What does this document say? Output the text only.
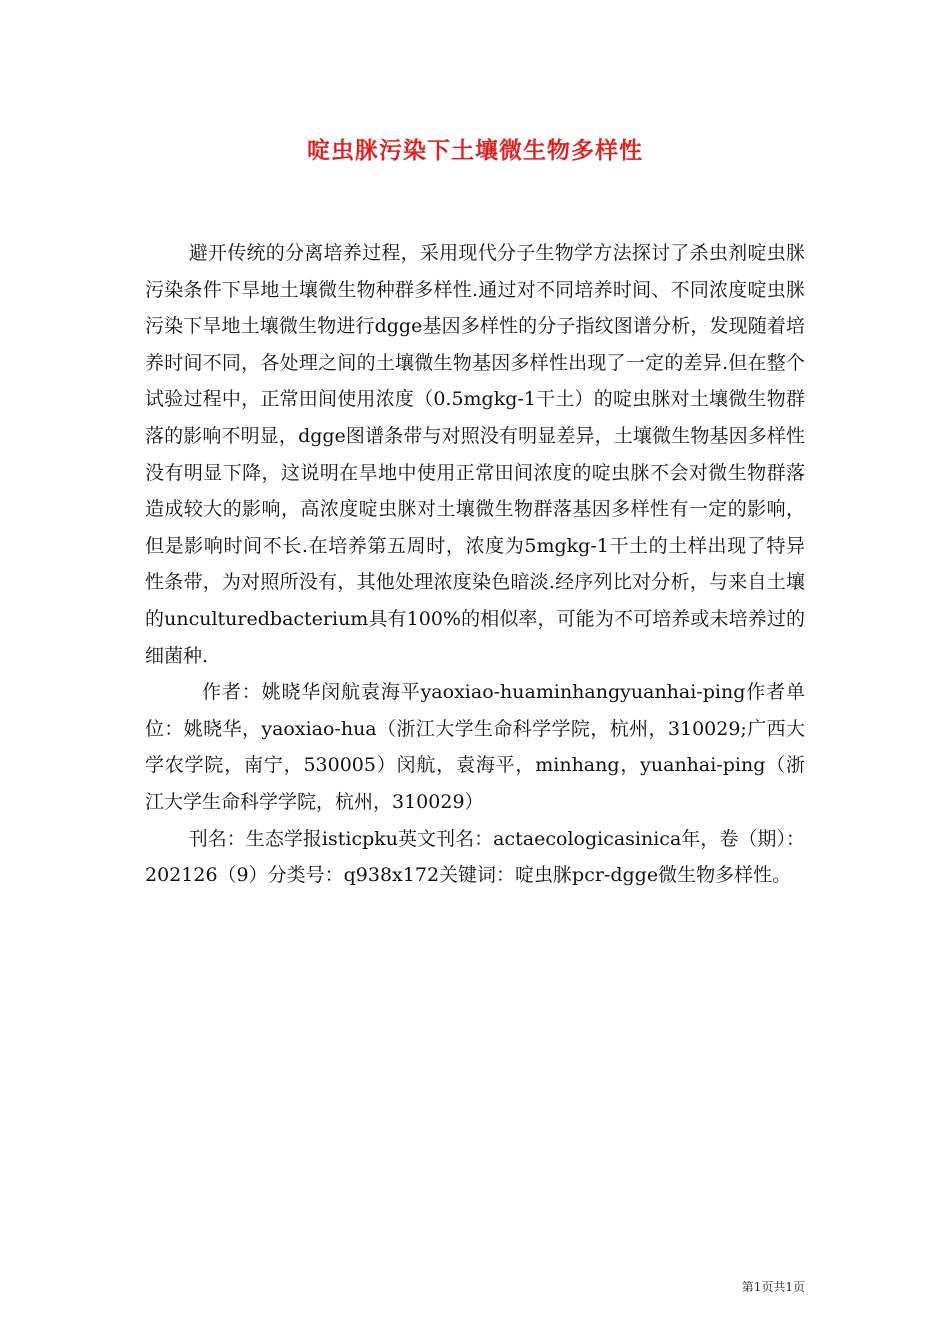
啶虫脒污染下土壤微生物多样性

避开传统的分离培养过程，采用现代分子生物学方法探讨了杀虫剂啶虫脒污染条件下旱地土壤微生物种群多样性.通过对不同培养时间、不同浓度啶虫脒污染下旱地土壤微生物进行dgge基因多样性的分子指纹图谱分析，发现随着培养时间不同，各处理之间的土壤微生物基因多样性出现了一定的差异.但在整个试验过程中，正常田间使用浓度（0.5mgkg-1干土）的啶虫脒对土壤微生物群落的影响不明显，dgge图谱条带与对照没有明显差异，土壤微生物基因多样性没有明显下降，这说明在旱地中使用正常田间浓度的啶虫脒不会对微生物群落造成较大的影响，高浓度啶虫脒对土壤微生物群落基因多样性有一定的影响，但是影响时间不长.在培养第五周时，浓度为5mgkg-1干土的土样出现了特异性条带，为对照所没有，其他处理浓度染色暗淡.经序列比对分析，与来自土壤的unculturedbacterium具有100%的相似率，可能为不可培养或未培养过的细菌种.

作者：姚晓华闵航袁海平yaoxiao-huaminhangyuanhai-ping作者单位：姚晓华，yaoxiao-hua（浙江大学生命科学学院，杭州，310029;广西大学农学院，南宁，530005）闵航，袁海平，minhang，yuanhai-ping（浙江大学生命科学学院，杭州，310029）

刊名：生态学报isticpku英文刊名：actaecologicasinica年，卷（期）：202126（9）分类号：q938x172关键词：啶虫脒pcr-dgge微生物多样性。

第1页共1页
